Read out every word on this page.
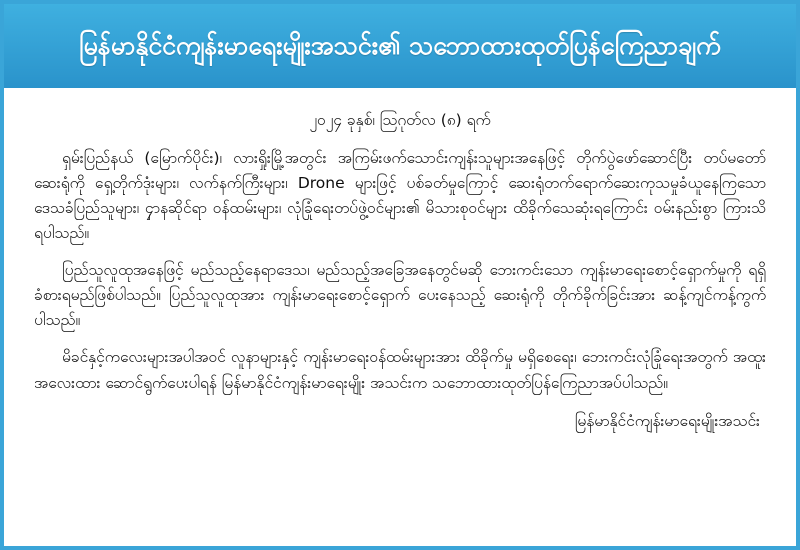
မြန်မာနိုင်ငံကျန်းမာရေးမျိုးအသင်း၏ သဘောထားထုတ်ပြန်ကြေညာချက်
၂၀၂၄ ခုနှစ်၊ သြဂုတ်လ (၈) ရက်

ရှမ်းပြည်နယ် (မြောက်ပိုင်း)၊ လားရှိုးမြို့အတွင်း အကြမ်းဖက်သောင်းကျန်းသူများအနေဖြင့် တိုက်ပွဲဖော်ဆောင်ပြီး တပ်မတော်ဆေးရုံကို ရှေ့တိုက်ဒုံးများ၊ လက်နက်ကြီးများ၊ Drone များဖြင့် ပစ်ခတ်မှုကြောင့် ဆေးရုံတက်ရောက်ဆေးကုသမှုခံယူနေကြသော ဒေသခံပြည်သူများ၊ ၄ှာနဆိုင်ရာ ဝန်ထမ်းများ၊ လုံခြုံရေးတပ်ဖွဲ့ဝင်များ၏ မိသားစုဝင်များ ထိခိုက်သေဆုံးရကြောင်း ဝမ်းနည်းစွာ ကြားသိရပါသည်။

ပြည်သူလူထုအနေဖြင့် မည်သည့်နေရာဒေသ၊ မည်သည့်အခြေအနေတွင်မဆို ဘေးကင်းသော ကျန်းမာရေးစောင့်ရှောက်မှုကို ရရှိခံစားရမည်ဖြစ်ပါသည်။ ပြည်သူလူထုအား ကျန်းမာရေးစောင့်ရှောက် ပေးနေသည့် ဆေးရုံကို တိုက်ခိုက်ခြင်းအား ဆန့်ကျင်ကန့်ကွက်ပါသည်။

မိခင်နှင့်ကလေးများအပါအဝင် လူနာများနှင့် ကျန်းမာရေးဝန်ထမ်းများအား ထိခိုက်မှု မရှိစေရေး၊ ဘေးကင်းလုံခြုံရေးအတွက် အထူးအလေးထား ဆောင်ရွက်ပေးပါရန် မြန်မာနိုင်ငံကျန်းမာရေးမျိုး အသင်းက သဘောထားထုတ်ပြန်ကြေညာအပ်ပါသည်။

မြန်မာနိုင်ငံကျန်းမာရေးမျိုးအသင်း
